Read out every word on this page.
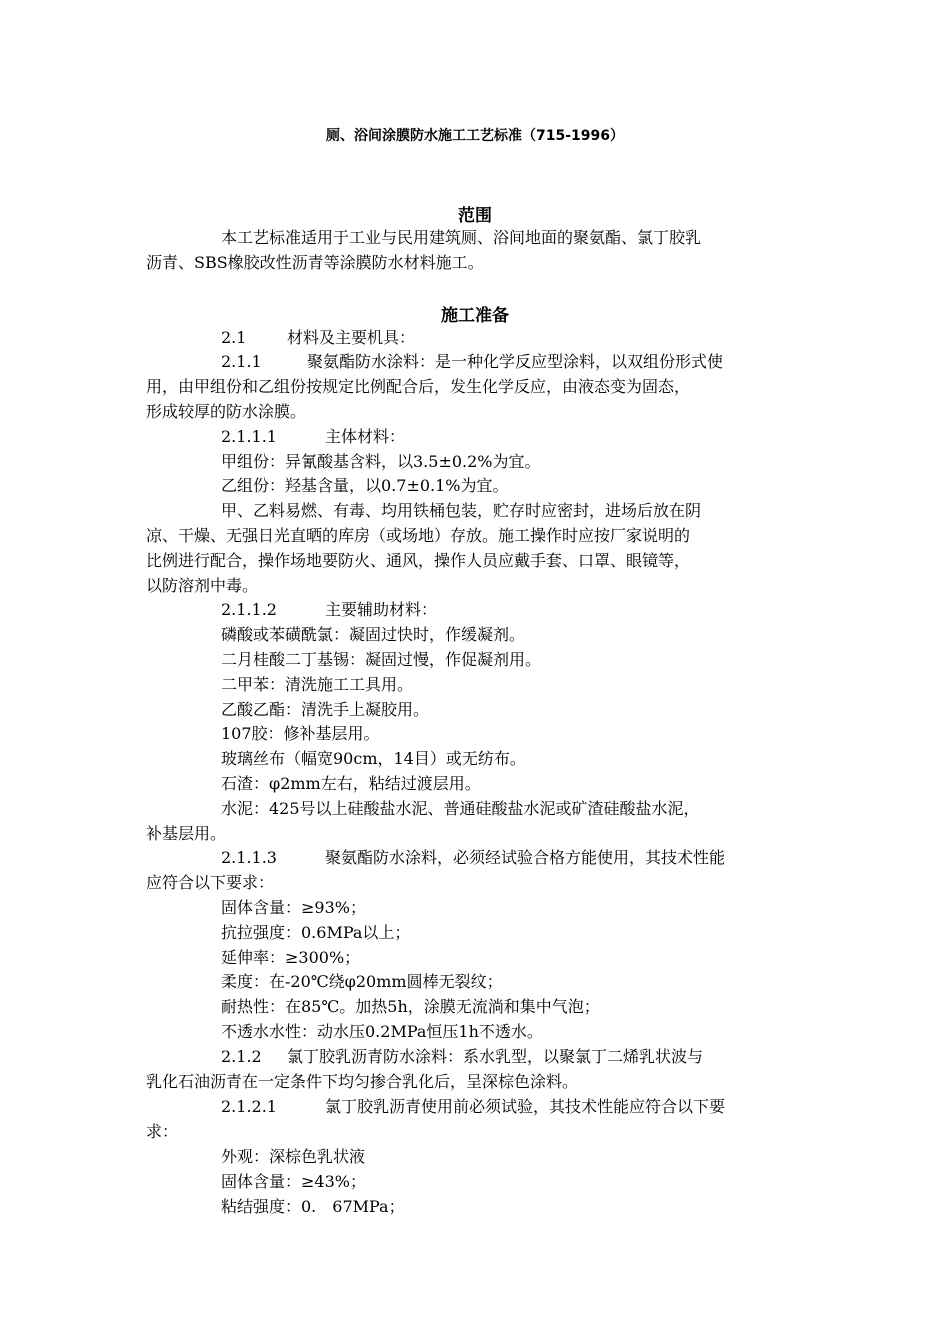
厕、浴间涂膜防水施工工艺标准（715-1996）
范围
本工艺标准适用于工业与民用建筑厕、浴间地面的聚氨酯、氯丁胶乳
沥青、SBS橡胶改性沥青等涂膜防水材料施工。
施工准备
2.1	材料及主要机具：
2.1.1	聚氨酯防水涂料：是一种化学反应型涂料，以双组份形式使
用，由甲组份和乙组份按规定比例配合后，发生化学反应，由液态变为固态，
形成较厚的防水涂膜。
2.1.1.1	主体材料：
甲组份：异氰酸基含料，以3.5±0.2%为宜。
乙组份：羟基含量，以0.7±0.1%为宜。
甲、乙料易燃、有毒、均用铁桶包装，贮存时应密封，进场后放在阴
凉、干燥、无强日光直晒的库房（或场地）存放。施工操作时应按厂家说明的
比例进行配合，操作场地要防火、通风，操作人员应戴手套、口罩、眼镜等，
以防溶剂中毒。
2.1.1.2	主要辅助材料：
磷酸或苯磺酰氯：凝固过快时，作缓凝剂。
二月桂酸二丁基锡：凝固过慢，作促凝剂用。
二甲苯：清洗施工工具用。
乙酸乙酯：清洗手上凝胶用。
107胶：修补基层用。
玻璃丝布（幅宽90cm，14目）或无纺布。
石渣：φ2mm左右，粘结过渡层用。
水泥：425号以上硅酸盐水泥、普通硅酸盐水泥或矿渣硅酸盐水泥，
补基层用。
2.1.1.3	聚氨酯防水涂料，必须经试验合格方能使用，其技术性能
应符合以下要求：
固体含量：≥93%；
抗拉强度：0.6MPa以上；
延伸率：≥300%；
柔度：在-20℃绕φ20mm圆棒无裂纹；
耐热性：在85℃。加热5h，涂膜无流淌和集中气泡；
不透水水性：动水压0.2MPa恒压1h不透水。
2.1.2 氯丁胶乳沥青防水涂料：系水乳型，以聚氯丁二烯乳状波与
乳化石油沥青在一定条件下均匀掺合乳化后，呈深棕色涂料。
2.1.2.1	氯丁胶乳沥青使用前必须试验，其技术性能应符合以下要
求：
外观：深棕色乳状液
固体含量：≥43%；
粘结强度：0.　67MPa；
